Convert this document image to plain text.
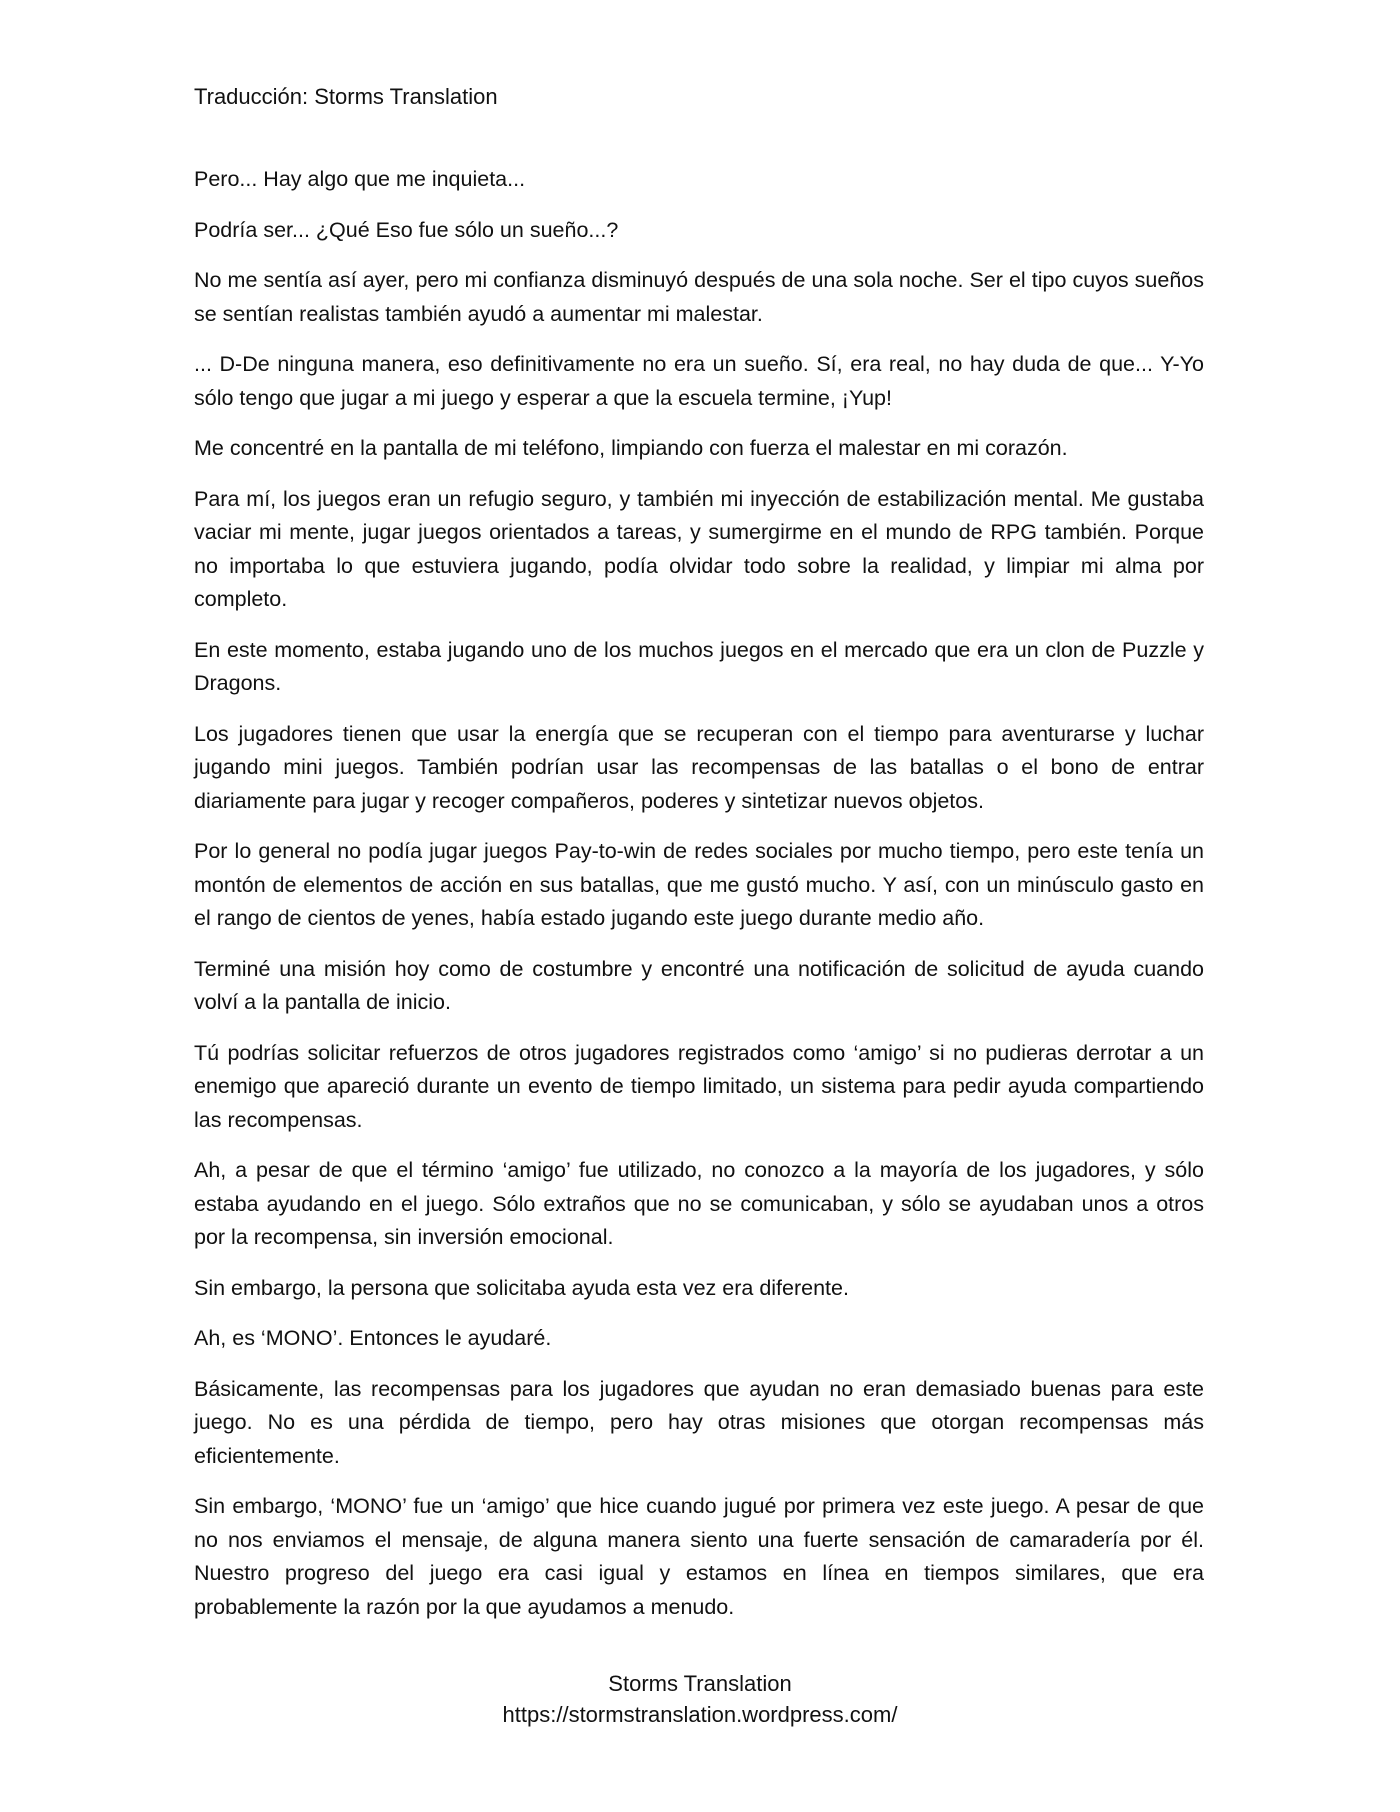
Traducción: Storms Translation

Pero... Hay algo que me inquieta...

Podría ser... ¿Qué Eso fue sólo un sueño...?

No me sentía así ayer, pero mi confianza disminuyó después de una sola noche. Ser el tipo cuyos sueños se sentían realistas también ayudó a aumentar mi malestar.

... D-De ninguna manera, eso definitivamente no era un sueño. Sí, era real, no hay duda de que... Y-Yo sólo tengo que jugar a mi juego y esperar a que la escuela termine, ¡Yup!

Me concentré en la pantalla de mi teléfono, limpiando con fuerza el malestar en mi corazón.

Para mí, los juegos eran un refugio seguro, y también mi inyección de estabilización mental. Me gustaba vaciar mi mente, jugar juegos orientados a tareas, y sumergirme en el mundo de RPG también. Porque no importaba lo que estuviera jugando, podía olvidar todo sobre la realidad, y limpiar mi alma por completo.

En este momento, estaba jugando uno de los muchos juegos en el mercado que era un clon de Puzzle y Dragons.

Los jugadores tienen que usar la energía que se recuperan con el tiempo para aventurarse y luchar jugando mini juegos. También podrían usar las recompensas de las batallas o el bono de entrar diariamente para jugar y recoger compañeros, poderes y sintetizar nuevos objetos.

Por lo general no podía jugar juegos Pay-to-win de redes sociales por mucho tiempo, pero este tenía un montón de elementos de acción en sus batallas, que me gustó mucho. Y así, con un minúsculo gasto en el rango de cientos de yenes, había estado jugando este juego durante medio año.

Terminé una misión hoy como de costumbre y encontré una notificación de solicitud de ayuda cuando volví a la pantalla de inicio.

Tú podrías solicitar refuerzos de otros jugadores registrados como ‘amigo’ si no pudieras derrotar a un enemigo que apareció durante un evento de tiempo limitado, un sistema para pedir ayuda compartiendo las recompensas.

Ah, a pesar de que el término ‘amigo’ fue utilizado, no conozco a la mayoría de los jugadores, y sólo estaba ayudando en el juego. Sólo extraños que no se comunicaban, y sólo se ayudaban unos a otros por la recompensa, sin inversión emocional.

Sin embargo, la persona que solicitaba ayuda esta vez era diferente.

Ah, es ‘MONO’. Entonces le ayudaré.

Básicamente, las recompensas para los jugadores que ayudan no eran demasiado buenas para este juego. No es una pérdida de tiempo, pero hay otras misiones que otorgan recompensas más eficientemente.

Sin embargo, ‘MONO’ fue un ‘amigo’ que hice cuando jugué por primera vez este juego. A pesar de que no nos enviamos el mensaje, de alguna manera siento una fuerte sensación de camaradería por él. Nuestro progreso del juego era casi igual y estamos en línea en tiempos similares, que era probablemente la razón por la que ayudamos a menudo.

Storms Translation
https://stormstranslation.wordpress.com/
